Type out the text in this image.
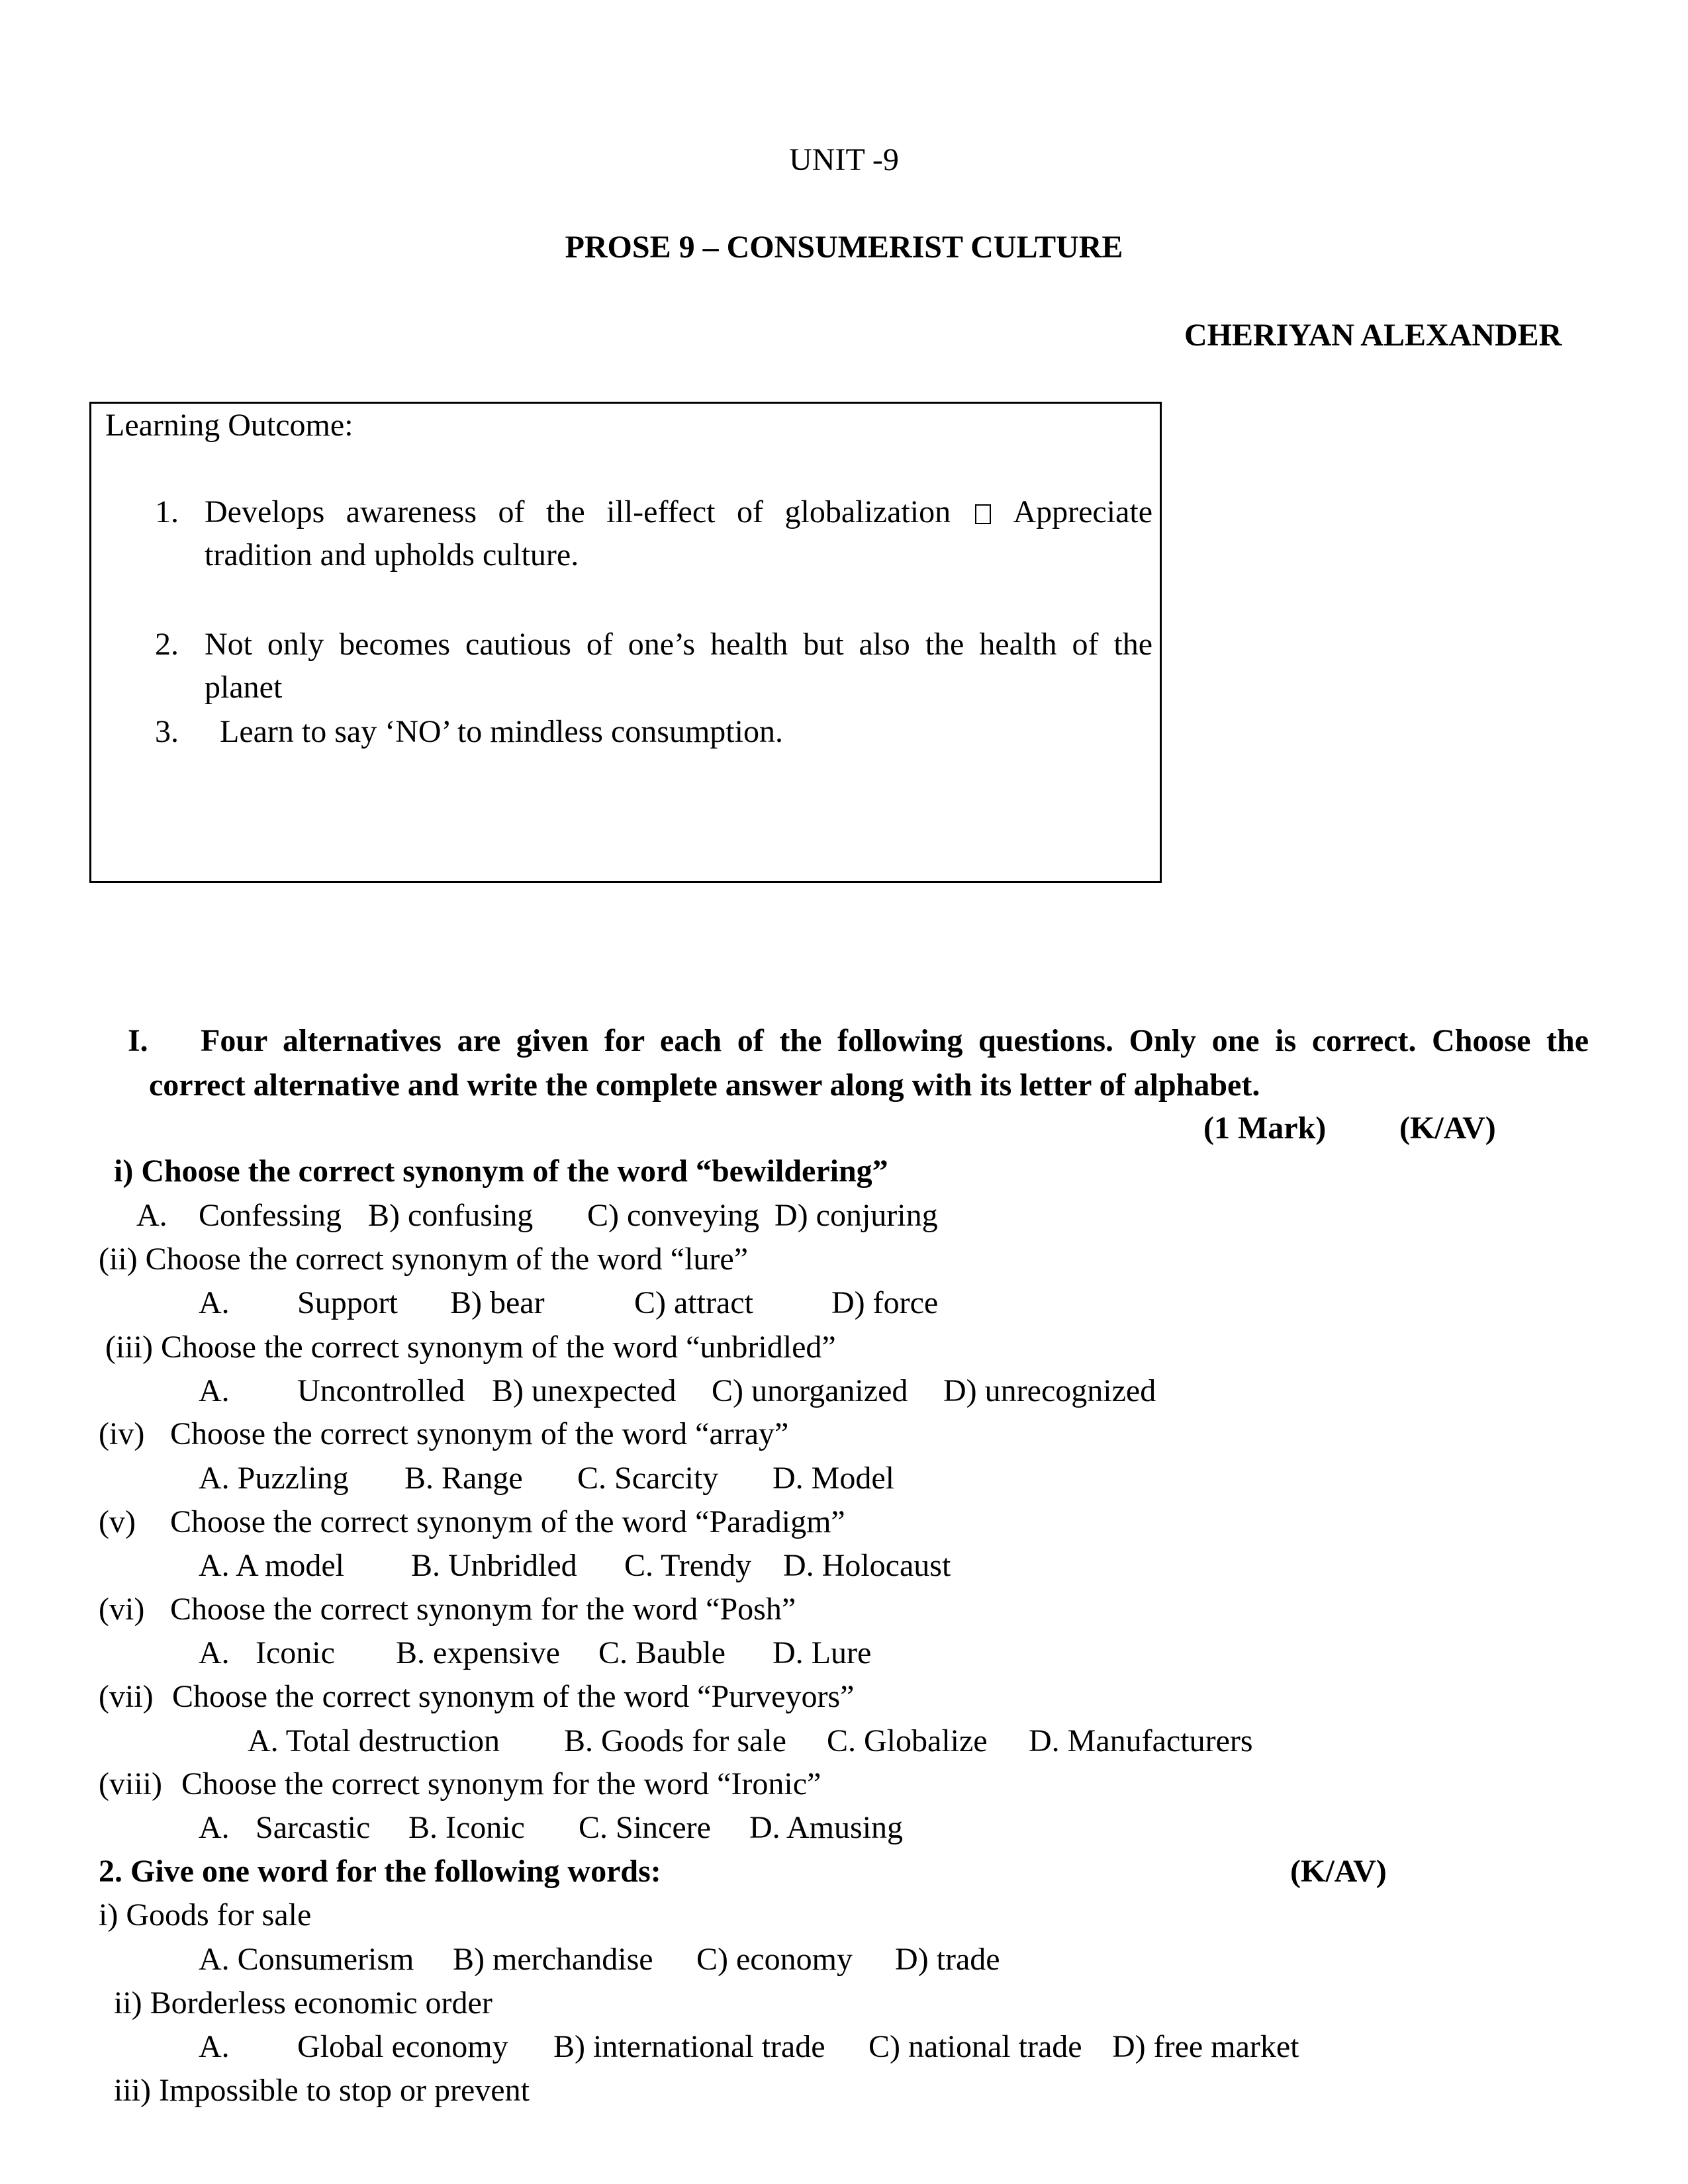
UNIT -9
PROSE 9 – CONSUMERIST CULTURE
CHERIYAN ALEXANDER
Learning Outcome:
1. Develops awareness of the ill-effect of globalization Appreciate
tradition and upholds culture.
2. Not only becomes cautious of one’s health but also the health of the
planet
3. Learn to say ‘NO’ to mindless consumption.
I. Four alternatives are given for each of the following questions. Only one is correct. Choose the
correct alternative and write the complete answer along with its letter of alphabet.
(1 Mark) (K/AV)
i) Choose the correct synonym of the word “bewildering”
A. Confessing B) confusing C) conveying D) conjuring
(ii) Choose the correct synonym of the word “lure”
A. Support B) bear	C) attract D) force
(iii) Choose the correct synonym of the word “unbridled”
A. Uncontrolled B) unexpected C) unorganized D) unrecognized
(iv) Choose the correct synonym of the word “array”
A. Puzzling B. Range C. Scarcity D. Model
(v) Choose the correct synonym of the word “Paradigm”
A. A model B. Unbridled C. Trendy D. Holocaust
(vi) Choose the correct synonym for the word “Posh”
A. Iconic B. expensive C. Bauble D. Lure
(vii) Choose the correct synonym of the word “Purveyors”
A. Total destruction B. Goods for sale C. Globalize D. Manufacturers
(viii) Choose the correct synonym for the word “Ironic”
A. Sarcastic B. Iconic C. Sincere D. Amusing
2. Give one word for the following words:	(K/AV)
i) Goods for sale
A. Consumerism B) merchandise C) economy D) trade
ii) Borderless economic order
A. Global economy B) international trade C) national trade D) free market
iii) Impossible to stop or prevent
